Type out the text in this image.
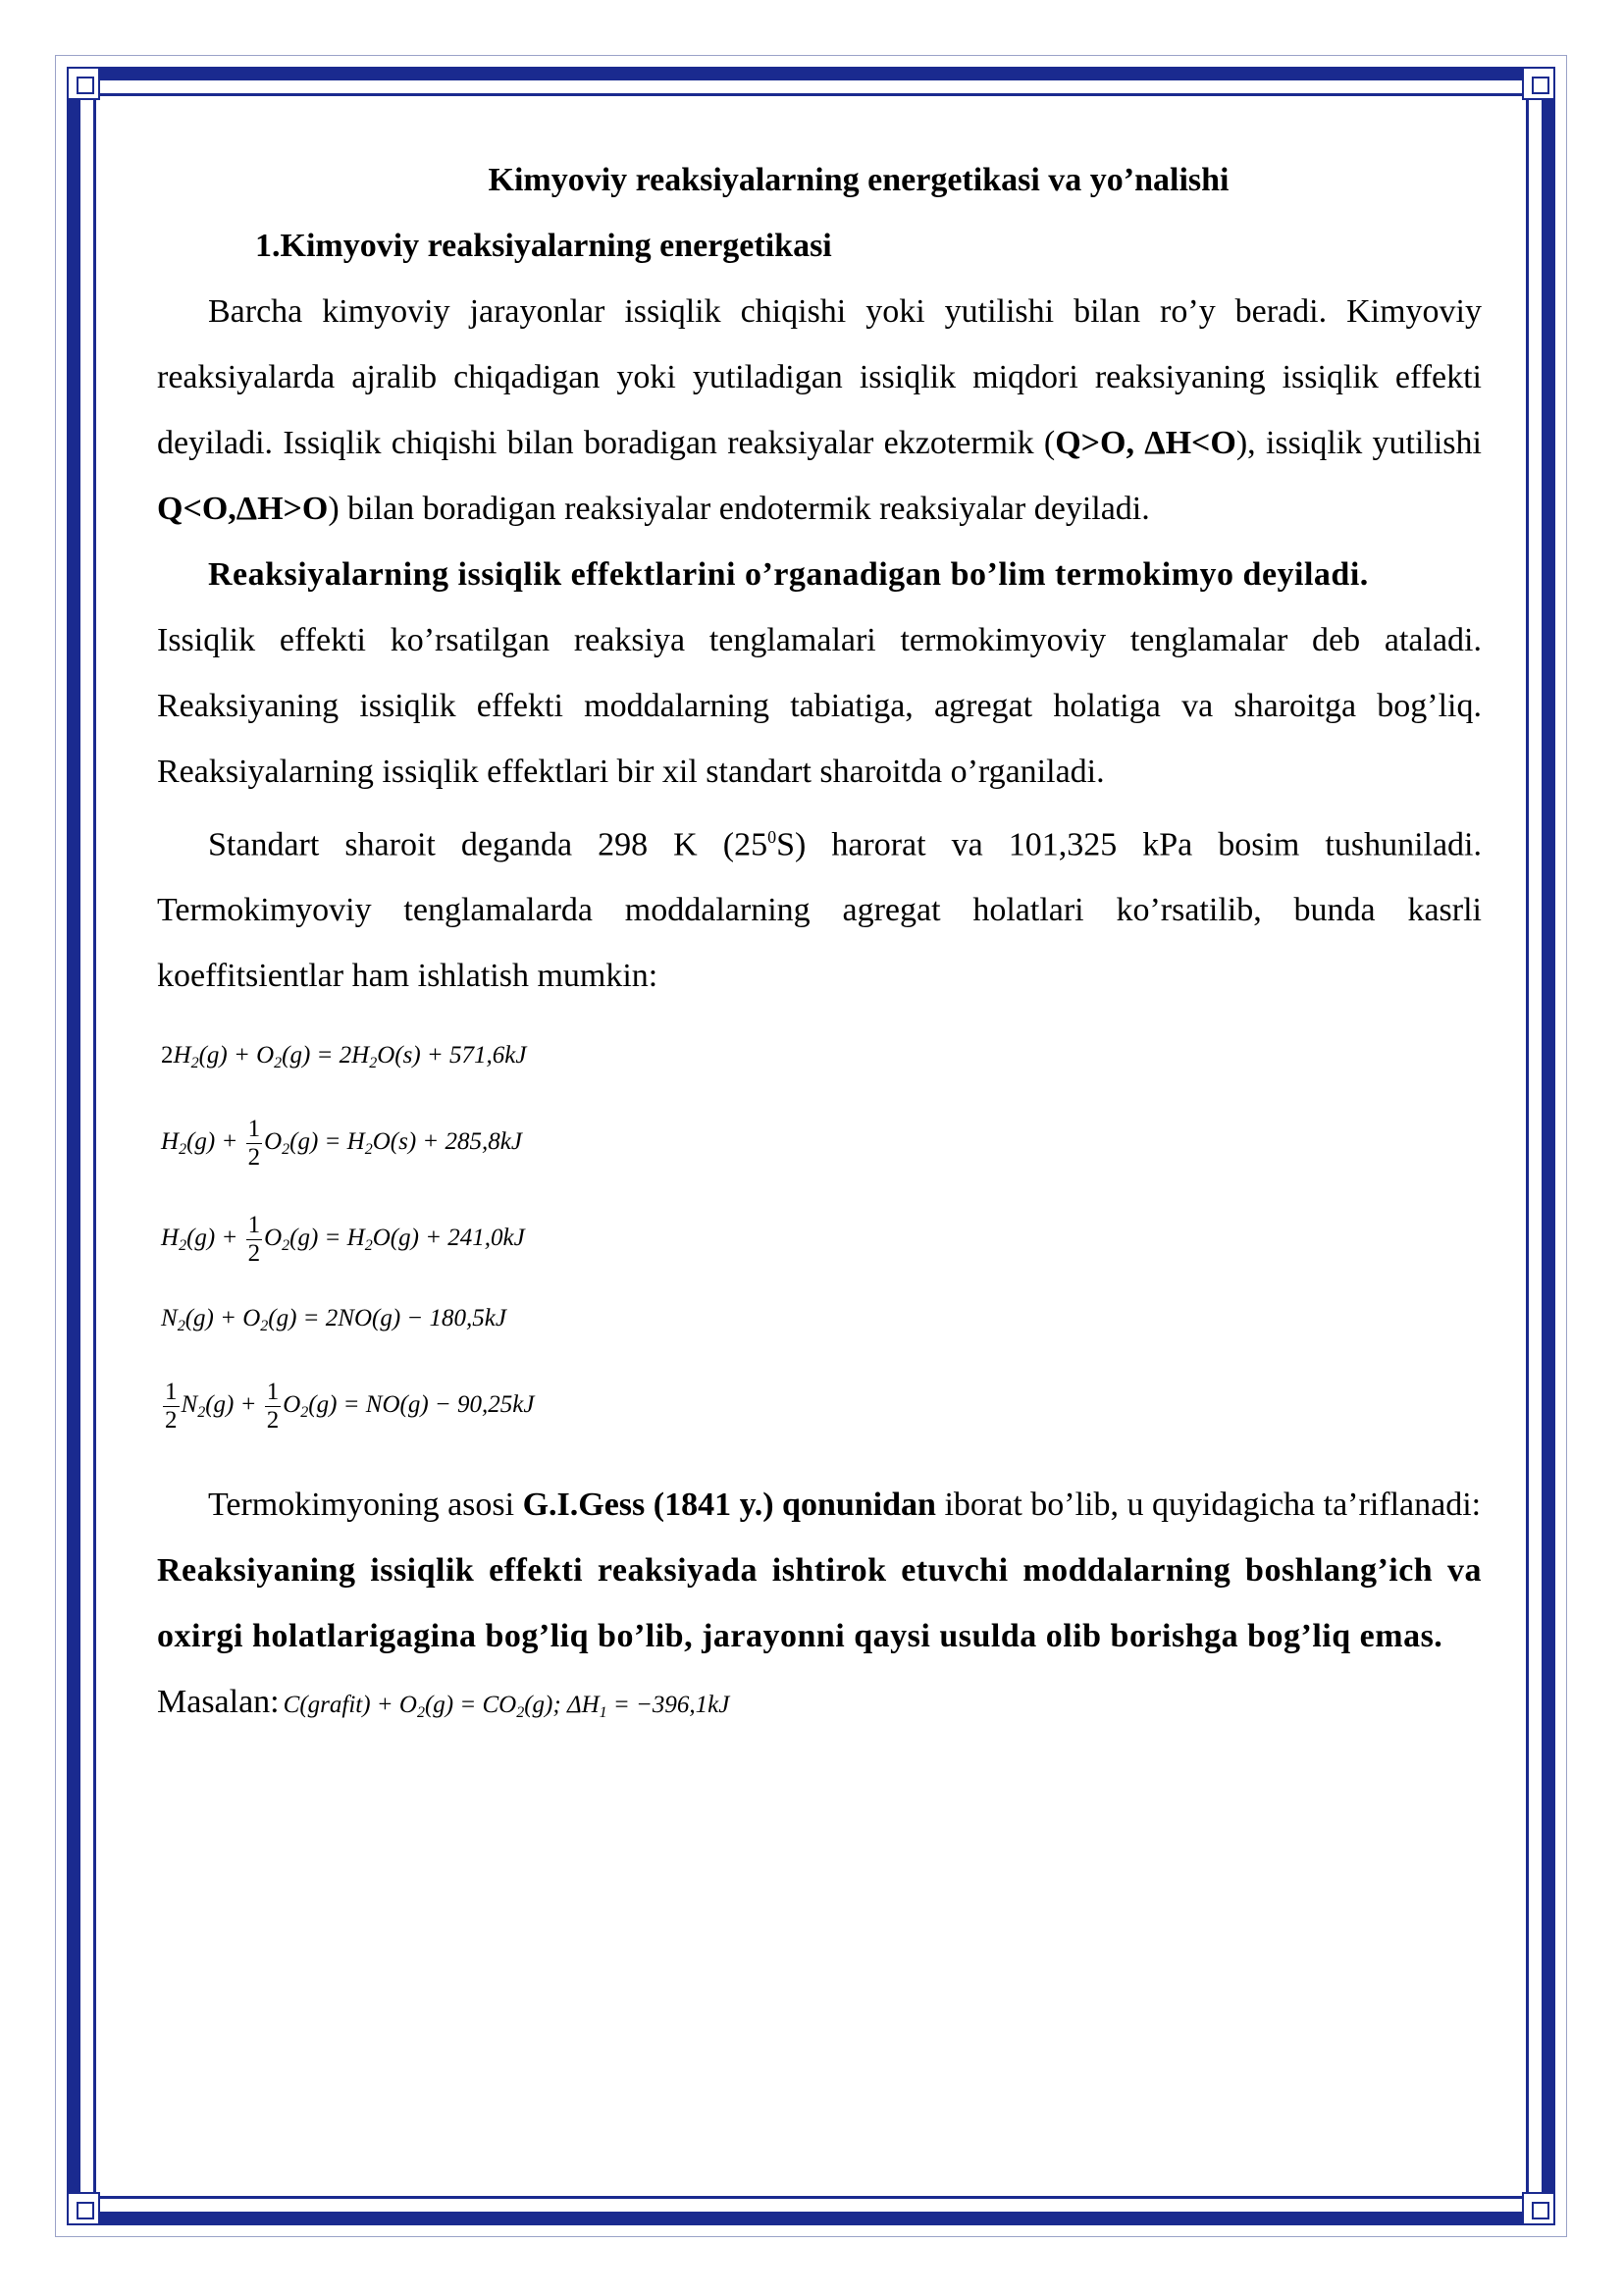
Kimyoviy reaksiyalarning energetikasi va yo’nalishi

1.Kimyoviy reaksiyalarning energetikasi

Barcha kimyoviy jarayonlar issiqlik chiqishi yoki yutilishi bilan ro’y beradi. Kimyoviy reaksiyalarda ajralib chiqadigan yoki yutiladigan issiqlik miqdori reaksiyaning issiqlik effekti deyiladi. Issiqlik chiqishi bilan boradigan reaksiyalar ekzotermik (Q>O, ΔH<O), issiqlik yutilishi Q<O,ΔH>O) bilan boradigan reaksiyalar endotermik reaksiyalar deyiladi.

Reaksiyalarning issiqlik effektlarini o’rganadigan bo’lim termokimyo deyiladi.

Issiqlik effekti ko’rsatilgan reaksiya tenglamalari termokimyoviy tenglamalar deb ataladi. Reaksiyaning issiqlik effekti moddalarning tabiatiga, agregat holatiga va sharoitga bog’liq. Reaksiyalarning issiqlik effektlari bir xil standart sharoitda o’rganiladi.

Standart sharoit deganda 298 K $(25^0S)$ harorat va 101,325 kPa bosim tushuniladi. Termokimyoviy tenglamalarda moddalarning agregat holatlari ko’rsatilib, bunda kasrli koeffitsientlar ham ishlatish mumkin:

$2H_2(g) + O_2(g) = 2H_2O(s) + 571,6kJ$
$H_2(g) + \frac{1}{2} O_2(g) = H_2O(s) + 285,8kJ$
$H_2(g) + \frac{1}{2} O_2(g) = H_2O(g) + 241,0kJ$
$N_2(g) + O_2(g) = 2NO(g) - 180,5kJ$
$\frac{1}{2} N_2(g) + \frac{1}{2} O_2(g) = NO(g) - 90,25kJ$

Termokimyoning asosi G.I.Gess (1841 y.) qonunidan iborat bo’lib, u quyidagicha ta’riflanadi:

Reaksiyaning issiqlik effekti reaksiyada ishtirok etuvchi moddalarning boshlang’ich va oxirgi holatlarigagina bog’liq bo’lib, jarayonni qaysi usulda olib borishga bog’liq emas.

Masalan: C(grafit) + $O_2(g) = CO_2(g)$; $\Delta H_1 = -396,1kJ$
